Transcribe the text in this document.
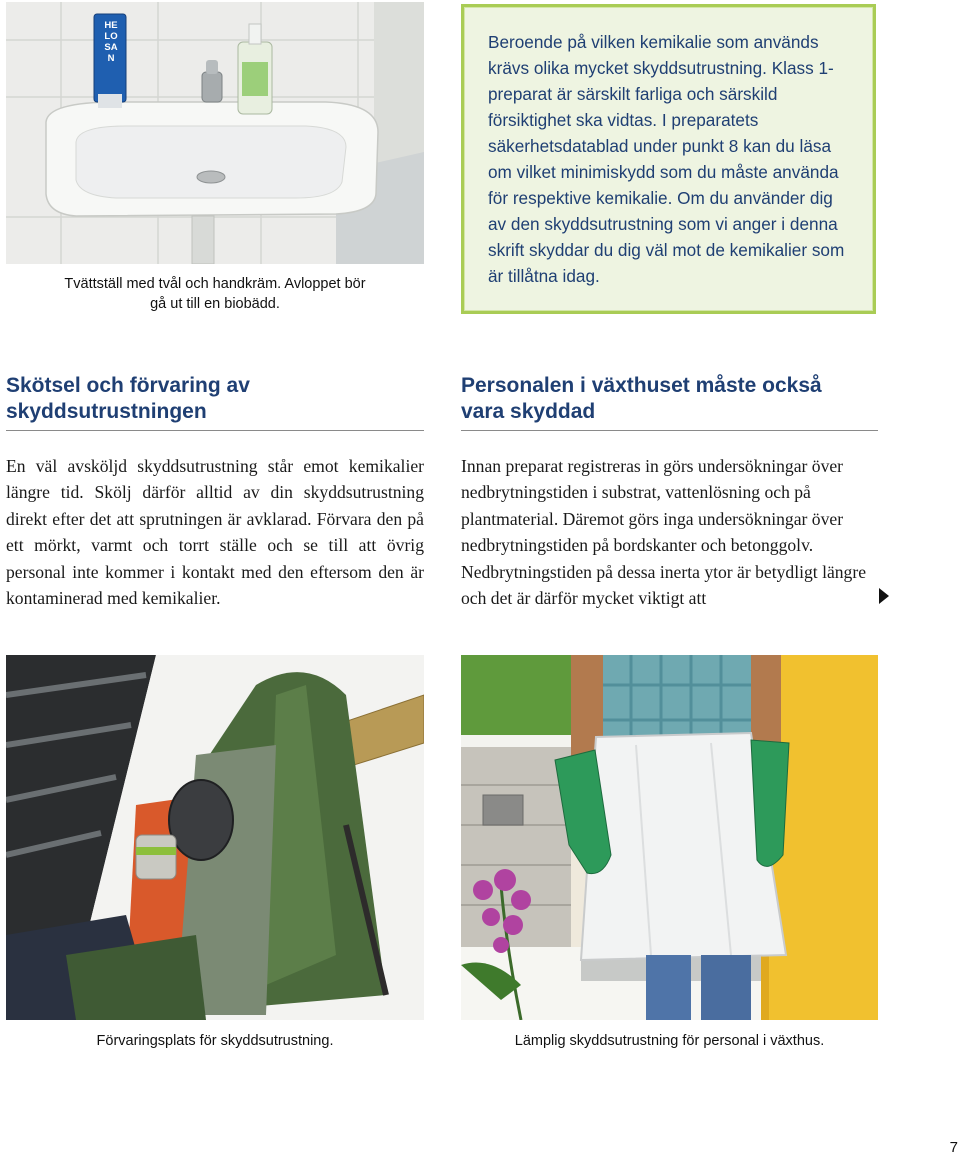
HELOSAN
Tvättställ med tvål och handkräm. Avloppet bör
gå ut till en biobädd.

Beroende på vilken kemikalie som används krävs olika mycket skyddsutrustning. Klass 1-preparat är särskilt farliga och särskild försiktighet ska vidtas. I preparatets säkerhetsdatablad under punkt 8 kan du läsa om vilket minimiskydd som du måste använda för respektive kemikalie. Om du använder dig av den skyddsutrustning som vi anger i denna skrift skyddar du dig väl mot de kemikalier som är tillåtna idag.

Skötsel och förvaring av
skyddsutrustningen

En väl avsköljd skyddsutrustning står emot kemikalier längre tid. Skölj därför alltid av din skyddsutrustning direkt efter det att sprutningen är avklarad. Förvara den på ett mörkt, varmt och torrt ställe och se till att övrig personal inte kommer i kontakt med den eftersom den är kontaminerad med kemikalier.

Personalen i växthuset måste också
vara skyddad

Innan preparat registreras in görs undersökningar över nedbrytningstiden i substrat, vattenlösning och på plantmaterial. Däremot görs inga undersökningar över nedbrytningstiden på bordskanter och betonggolv. Nedbrytningstiden på dessa inerta ytor är betydligt längre och det är därför mycket viktigt att

Förvaringsplats för skyddsutrustning.	Lämplig skyddsutrustning för personal i växthus.
7
